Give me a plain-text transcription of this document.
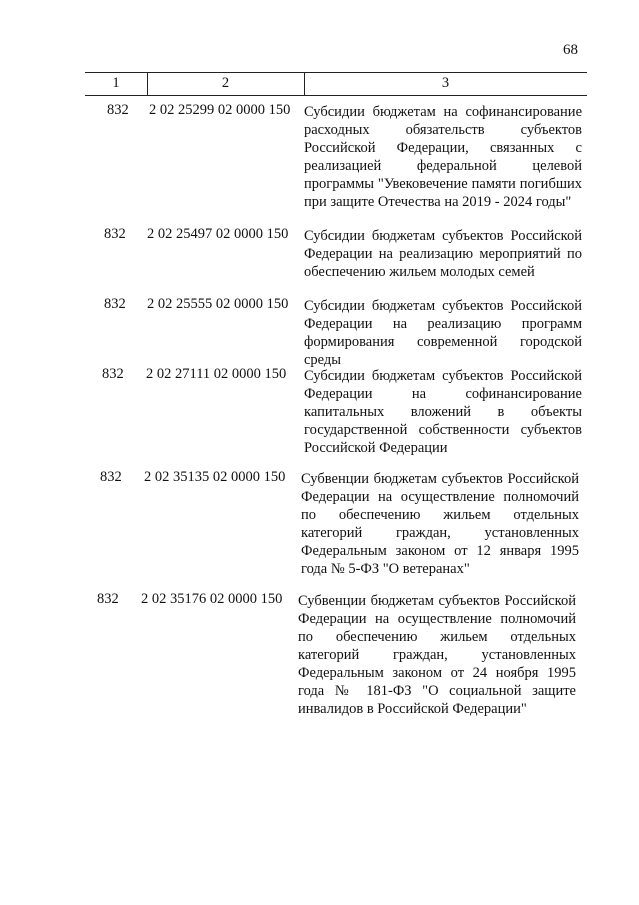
68
1	2	3
832 2 02 25299 02 0000 150 Субсидии бюджетам на софинансирование расходных обязательств субъектов Российской Федерации, связанных с реализацией федеральной целевой программы "Увековечение памяти погибших при защите Отечества на 2019 - 2024 годы"
832 2 02 25497 02 0000 150 Субсидии бюджетам субъектов Российской Федерации на реализацию мероприятий по обеспечению жильем молодых семей
832 2 02 25555 02 0000 150 Субсидии бюджетам субъектов Российской Федерации на реализацию программ формирования современной городской среды
832 2 02 27111 02 0000 150 Субсидии бюджетам субъектов Российской Федерации на софинансирование капитальных вложений в объекты государственной собственности субъектов Российской Федерации
832 2 02 35135 02 0000 150 Субвенции бюджетам субъектов Российской Федерации на осуществление полномочий по обеспечению жильем отдельных категорий граждан, установленных Федеральным законом от 12 января 1995 года № 5-ФЗ "О ветеранах"
832 2 02 35176 02 0000 150 Субвенции бюджетам субъектов Российской Федерации на осуществление полномочий по обеспечению жильем отдельных категорий граждан, установленных Федеральным законом от 24 ноября 1995 года № 181-ФЗ "О социальной защите инвалидов в Российской Федерации"
